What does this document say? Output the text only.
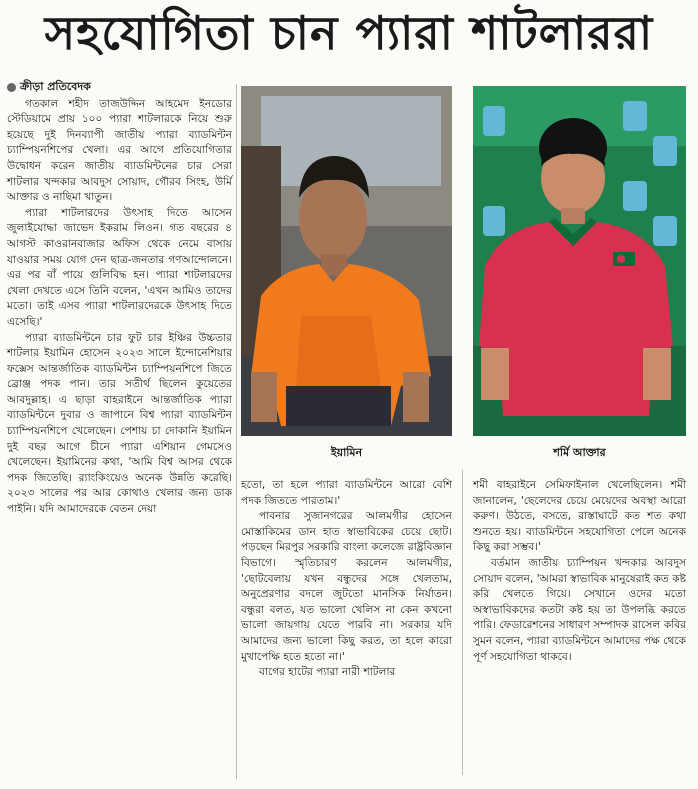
সহযোগিতা চান প্যারা শাটলাররা
ক্রীড়া প্রতিবেদক

গতকাল শহীদ তাজউদ্দিন আহমেদ ইনডোর স্টেডিয়ামে প্রায় ১০০ প্যারা শাটলারকে নিয়ে শুরু হয়েছে দুই দিনব্যাপী জাতীয় প্যারা ব্যাডমিন্টন চ্যাম্পিয়নশিপের খেলা। এর আগে প্রতিযোগিতার উদ্বোধন করেন জাতীয় ব্যাডমিন্টনের চার সেরা শাটলার খন্দকার আবদুস সোয়াদ, গৌরব সিংহ, উর্মি আক্তার ও নাছিমা খাতুন।

প্যারা শাটলারদের উৎসাহ দিতে আসেন জুলাইযোদ্ধা জাভেদ ইকরাম লিওন। গত বছরের ৪ আগস্ট কাওরানবাজার অফিস থেকে নেমে বাসায় যাওয়ার সময় যোগ দেন ছাত্র-জনতার গণআন্দোলনে। এর পর বাঁ পায়ে গুলিবিদ্ধ হন। প্যারা শাটলারদের খেলা দেখতে এসে তিনি বলেন, 'এখন আমিও তাদের মতো। তাই এসব প্যারা শাটলারদেরকে উৎসাহ দিতে এসেছি।'

প্যারা ব্যাডমিন্টনে চার ফুট চার ইঞ্চির উচ্চতার শাটলার ইয়ামিন হোসেন ২০২৩ সালে ইন্দোনেশিয়ার ফক্সেস আন্তর্জাতিক ব্যাডমিন্টন চ্যাম্পিয়নশিপে জিতে ব্রোঞ্জ পদক পান। তার সতীর্থ ছিলেন কুয়েতের আবদুল্লাহ। এ ছাড়া বাহরাইনে আন্তর্জাতিক প্যারা ব্যাডমিন্টনে দুবার ও জাপানে বিশ্ব প্যারা ব্যাডমিন্টন চ্যাম্পিয়নশিপে খেলেছেন। পেশায় চা দোকানি ইয়ামিন দুই বছর আগে চীনে প্যারা এশিয়ান গেমসেও খেলেছেন। ইয়ামিনের কথা, 'আমি বিশ্ব আসর থেকে পদক জিতেছি। র‌্যাংকিংয়েও অনেক উন্নতি করেছি। ২০২৩ সালের পর আর কোথাও খেলার জন্য ডাক পাইনি। যদি আমাদেরকে বেতন দেয়া

ইয়ামিন	শর্মি আক্তার

হতো, তা হলে প্যারা ব্যাডমিন্টনে আরো বেশি পদক জিততে পারতাম।'

পাবনার সুজানগরের আলমগীর হোসেন মোস্তাকিমের ডান হাত স্বাভাবিকের চেয়ে ছোট। পড়ছেন মিরপুর সরকারি বাংলা কলেজে রাষ্ট্রবিজ্ঞান বিভাগে। স্মৃতিচারণ করলেন আলমগীর, 'ছোটবেলায় যখন বন্ধুদের সঙ্গে খেলতাম, অনুপ্রেরণার বদলে জুটতো মানসিক নির্যাতন। বন্ধুরা বলত, যত ভালো খেলিস না কেন কখনো ভালো জায়গায় যেতে পারবি না। সরকার যদি আমাদের জন্য ভালো কিছু করত, তা হলে কারো মুখাপেক্ষি হতে হতো না।'

বাগের হাটের প্যারা নারী শাটলার

শমী বাহরাইনে সেমিফাইনাল খেলেছিলেন। শমী জানালেন, 'ছেলেদের চেয়ে মেয়েদের অবস্থা আরো করুণ। উঠতে, বসতে, রাস্তাঘাটে কত শত কথা শুনতে হয়। ব্যাডমিন্টনে সহযোগিতা পেলে অনেক কিছু করা সম্ভব।'

বর্তমান জাতীয় চ্যাম্পিয়ন খন্দকার আবদুস সোয়াদ বলেন, 'আমরা স্বাভাবিক মানুষেরাই কত কষ্ট করি খেলতে গিয়ে। সেখানে ওদের মতো অস্বাভাবিকদের কতটা কষ্ট হয় তা উপলব্ধি করতে পারি। ফেডারেশনের সাধারণ সম্পাদক রাসেল কবির সুমন বলেন, প্যারা ব্যাডমিন্টনে আমাদের পক্ষ থেকে পূর্ণ সহযোগিতা থাকবে।
